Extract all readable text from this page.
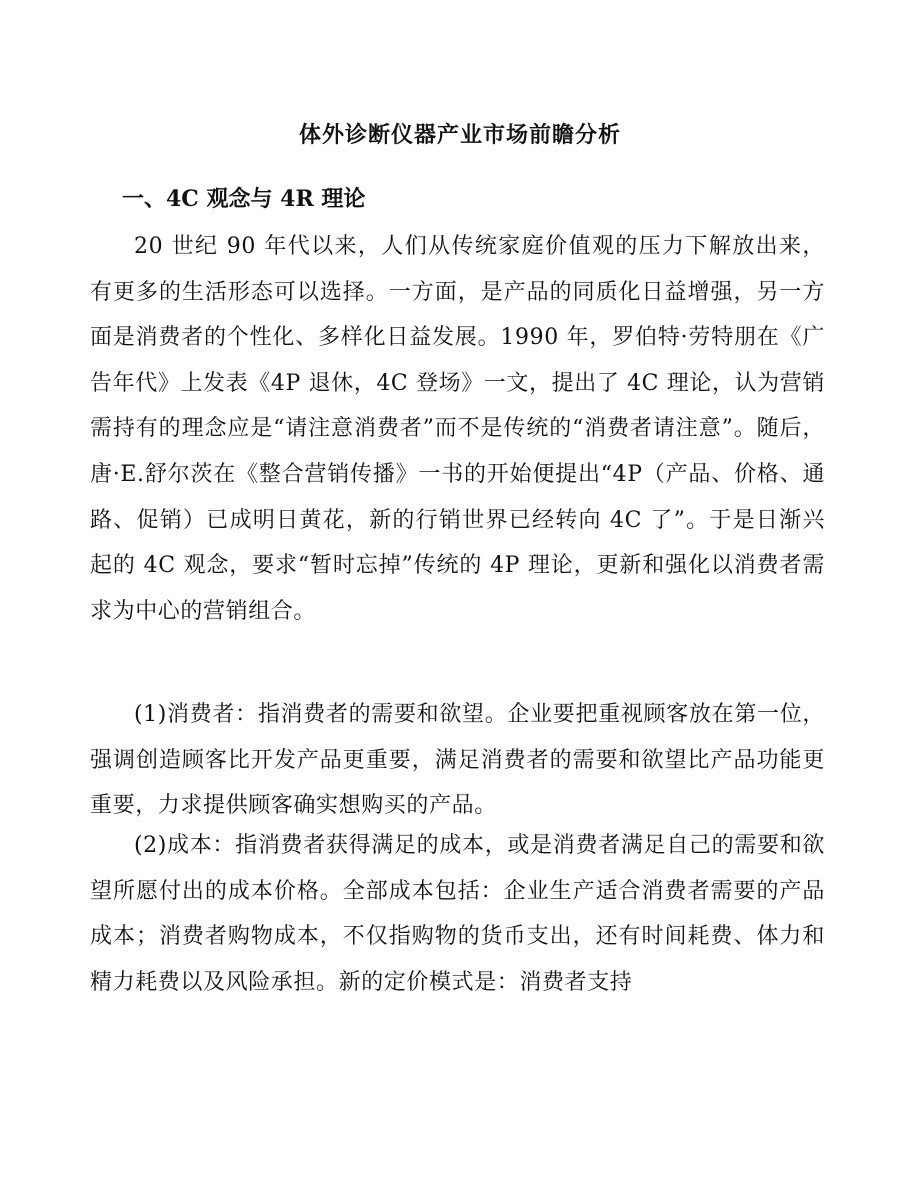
体外诊断仪器产业市场前瞻分析
一、4C 观念与 4R 理论

20 世纪 90 年代以来，人们从传统家庭价值观的压力下解放出来，有更多的生活形态可以选择。一方面，是产品的同质化日益增强，另一方面是消费者的个性化、多样化日益发展。1990 年，罗伯特·劳特朋在《广告年代》上发表《4P 退休，4C 登场》一文，提出了 4C 理论，认为营销需持有的理念应是“请注意消费者”而不是传统的“消费者请注意”。随后，唐·E.舒尔茨在《整合营销传播》一书的开始便提出“4P（产品、价格、通路、促销）已成明日黄花，新的行销世界已经转向 4C 了”。于是日渐兴起的 4C 观念，要求“暂时忘掉”传统的 4P 理论，更新和强化以消费者需求为中心的营销组合。

(1)消费者：指消费者的需要和欲望。企业要把重视顾客放在第一位，强调创造顾客比开发产品更重要，满足消费者的需要和欲望比产品功能更重要，力求提供顾客确实想购买的产品。

(2)成本：指消费者获得满足的成本，或是消费者满足自己的需要和欲望所愿付出的成本价格。全部成本包括：企业生产适合消费者需要的产品成本；消费者购物成本，不仅指购物的货币支出，还有时间耗费、体力和精力耗费以及风险承担。新的定价模式是：消费者支持
